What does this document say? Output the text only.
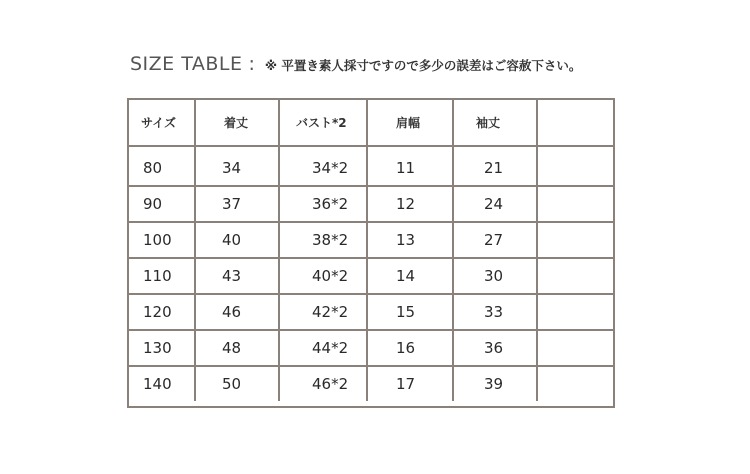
SIZE TABLE : ※ 平置き素人採寸ですので多少の誤差はご容赦下さい。
サイズ	着丈	バスト*2	肩幅	袖丈	

80	34	34*2	11	21	
90	37	36*2	12	24	
100	40	38*2	13	27	
110	43	40*2	14	30	
120	46	42*2	15	33	
130	48	44*2	16	36	
140	50	46*2	17	39	
